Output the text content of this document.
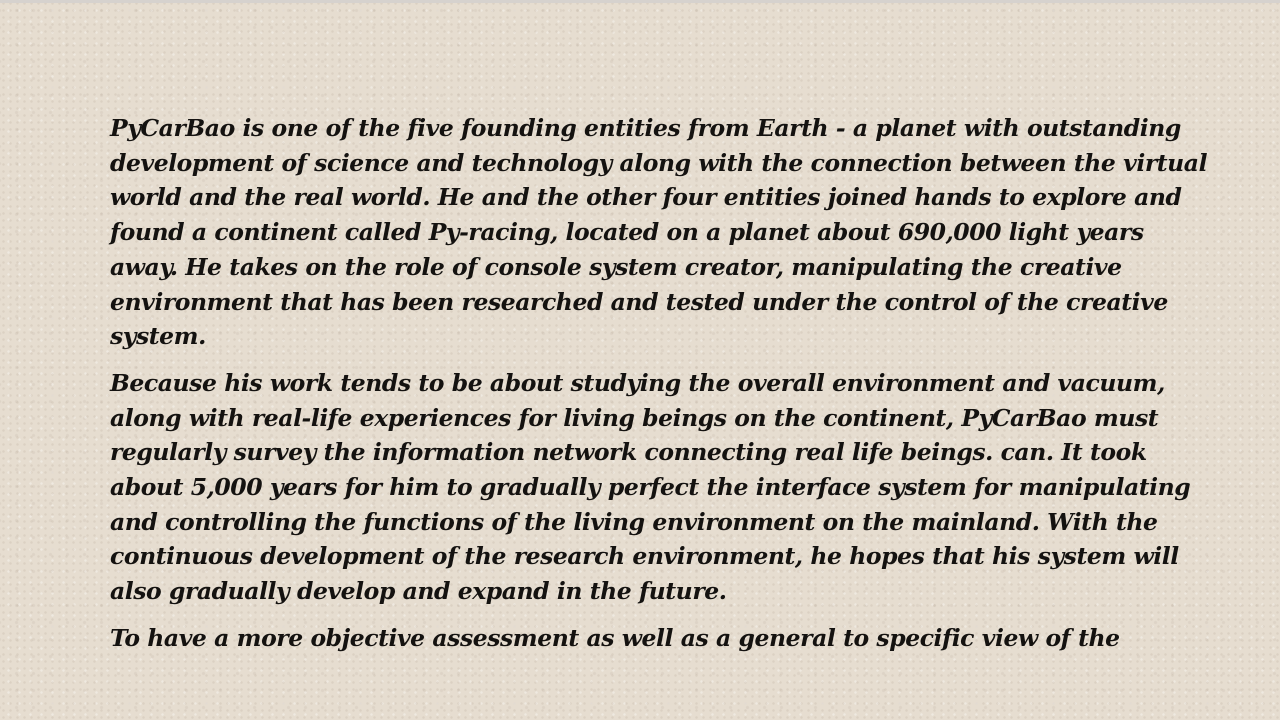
PyCarBao is one of the five founding entities from Earth - a planet with outstanding
development of science and technology along with the connection between the virtual
world and the real world. He and the other four entities joined hands to explore and
found a continent called Py-racing, located on a planet about 690,000 light years
away. He takes on the role of console system creator, manipulating the creative
environment that has been researched and tested under the control of the creative
system.

Because his work tends to be about studying the overall environment and vacuum,
along with real-life experiences for living beings on the continent, PyCarBao must
regularly survey the information network connecting real life beings. can. It took
about 5,000 years for him to gradually perfect the interface system for manipulating
and controlling the functions of the living environment on the mainland. With the
continuous development of the research environment, he hopes that his system will
also gradually develop and expand in the future.

To have a more objective assessment as well as a general to specific view of the
